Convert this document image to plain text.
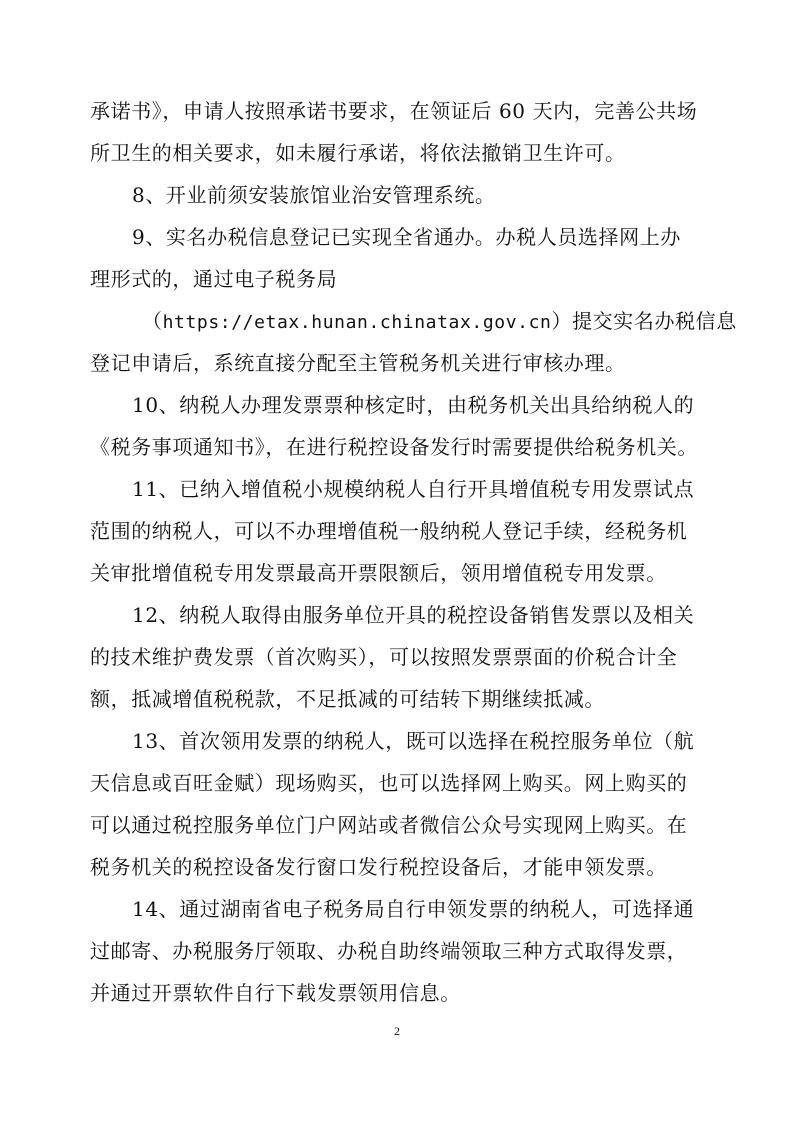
承诺书》，申请人按照承诺书要求，在领证后 60 天内，完善公共场
所卫生的相关要求，如未履行承诺，将依法撤销卫生许可。
8、开业前须安装旅馆业治安管理系统。
9、实名办税信息登记已实现全省通办。办税人员选择网上办
理形式的，通过电子税务局
（https://etax.hunan.chinatax.gov.cn）提交实名办税信息
登记申请后，系统直接分配至主管税务机关进行审核办理。
10、纳税人办理发票票种核定时，由税务机关出具给纳税人的
《税务事项通知书》，在进行税控设备发行时需要提供给税务机关。
11、已纳入增值税小规模纳税人自行开具增值税专用发票试点
范围的纳税人，可以不办理增值税一般纳税人登记手续，经税务机
关审批增值税专用发票最高开票限额后，领用增值税专用发票。
12、纳税人取得由服务单位开具的税控设备销售发票以及相关
的技术维护费发票（首次购买），可以按照发票票面的价税合计全
额，抵减增值税税款，不足抵减的可结转下期继续抵减。
13、首次领用发票的纳税人，既可以选择在税控服务单位（航
天信息或百旺金赋）现场购买，也可以选择网上购买。网上购买的
可以通过税控服务单位门户网站或者微信公众号实现网上购买。在
税务机关的税控设备发行窗口发行税控设备后，才能申领发票。
14、通过湖南省电子税务局自行申领发票的纳税人，可选择通
过邮寄、办税服务厅领取、办税自助终端领取三种方式取得发票，
并通过开票软件自行下载发票领用信息。
2
